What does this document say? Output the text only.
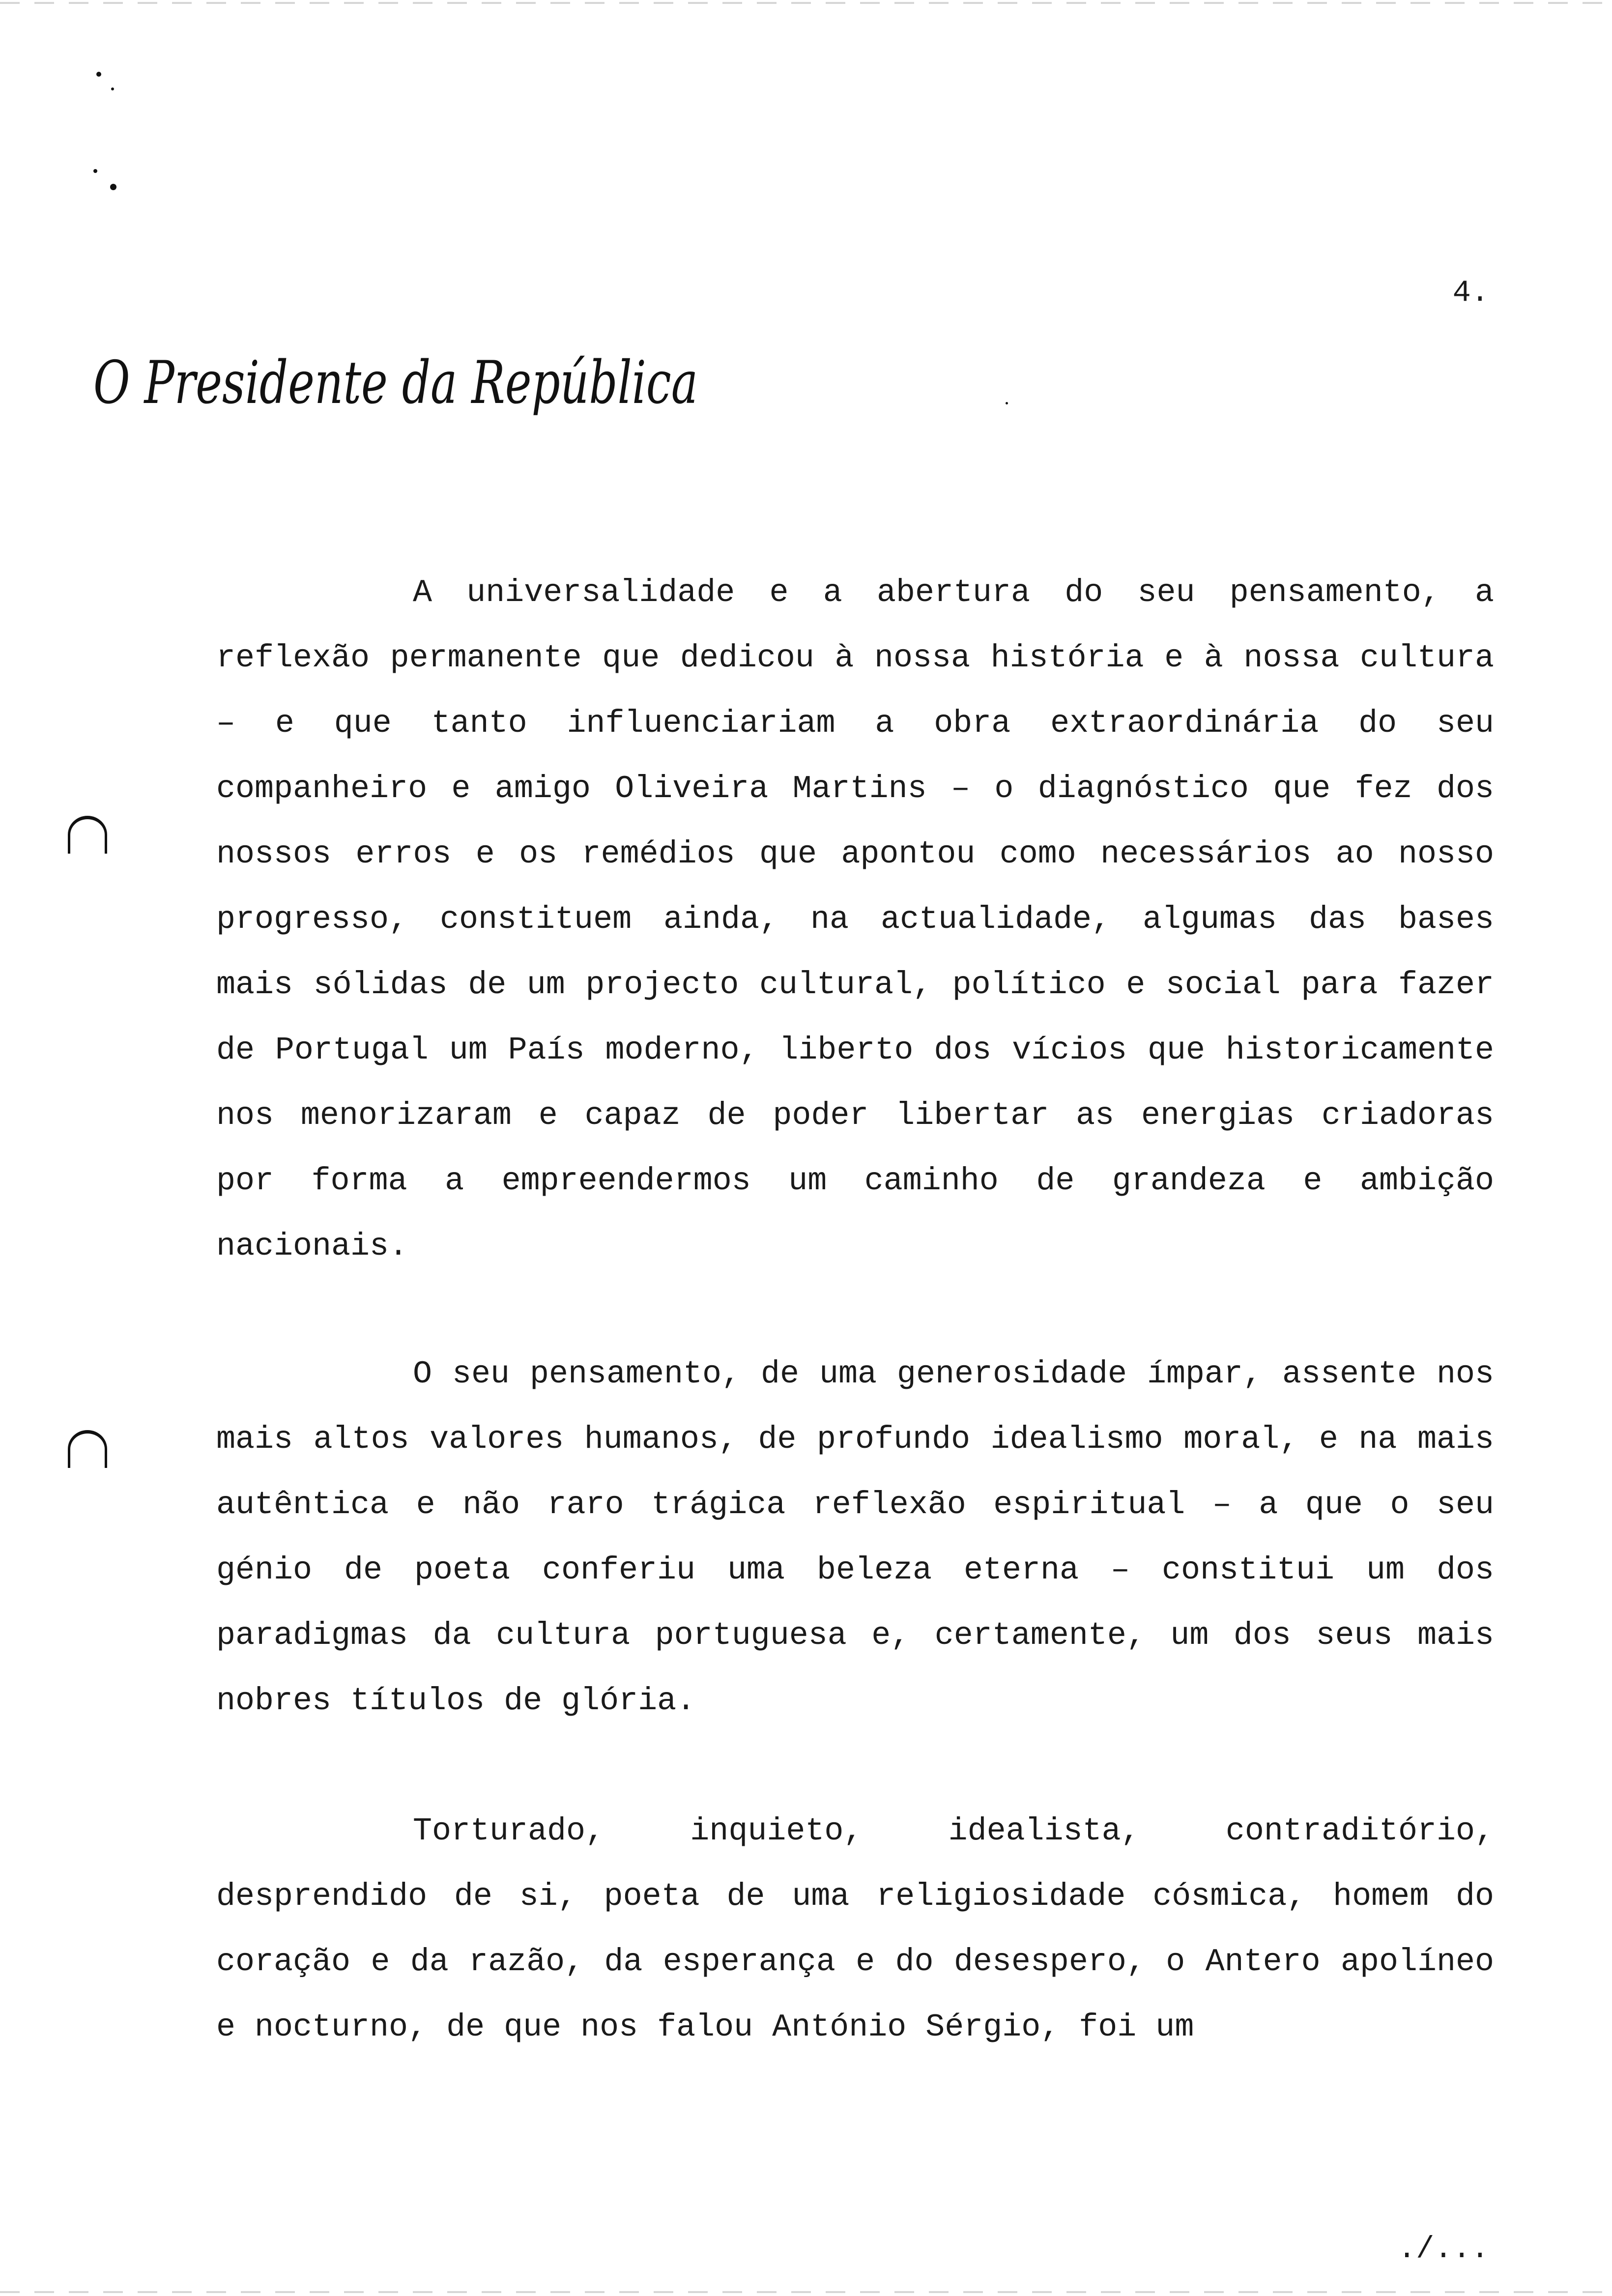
4.
O Presidente da República

A universalidade e a abertura do seu pensamento, a reflexão permanente que dedicou à nossa história e à nossa cultura – e que tanto influenciariam a obra extraordinária do seu companheiro e amigo Oliveira Martins – o diagnóstico que fez dos nossos erros e os remédios que apontou como necessários ao nosso progresso, constituem ainda, na actualidade, algumas das bases mais sólidas de um projecto cultural, político e social para fazer de Portugal um País moderno, liberto dos vícios que historicamente nos menorizaram e capaz de poder libertar as energias criadoras por forma a empreendermos um caminho de grandeza e ambição nacionais.

O seu pensamento, de uma generosidade ímpar, assente nos mais altos valores humanos, de profundo idealismo moral, e na mais autêntica e não raro trágica reflexão espiritual – a que o seu génio de poeta conferiu uma beleza eterna – constitui um dos paradigmas da cultura portuguesa e, certamente, um dos seus mais nobres títulos de glória.

Torturado, inquieto, idealista, contraditório, desprendido de si, poeta de uma religiosidade cósmica, homem do coração e da razão, da esperança e do desespero, o Antero apolíneo e nocturno, de que nos falou António Sérgio, foi um

./...
